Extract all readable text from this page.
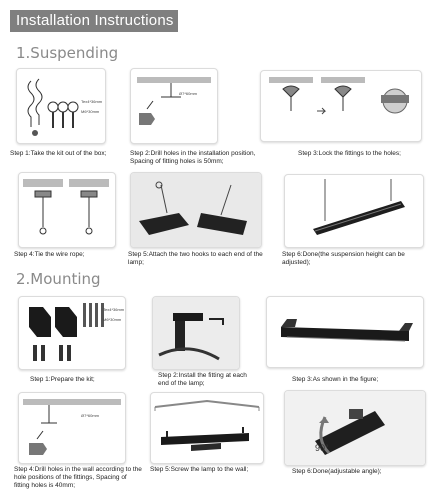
Installation Instructions
1.Suspending
Tex4*36mm
M6*30mm
Step 1:Take the kit out of the box;
Ø7*60mm
Step 2:Drill holes in the installation position, Spacing of fitting holes is 50mm;
Step 3:Lock the fittings to the holes;
Step 4:Tie the wire rope;	Step 5:Attach the two hooks to each end of the lamp;
Step 6:Done(the suspension height can be adjusted);
2.Mounting
Tex4*36mm
M6*30mm
Step 1:Prepare the kit;
Step 2:Install the fitting at each end of the lamp;
Step 3:As shown in the figure;
Ø7*60mm
Step 4:Drill holes in the wall according to the hole positions of the fittings, Spacing of fitting holes is 40mm;
Step 5:Screw the lamp to the wall;
90°
Step 6:Done(adjustable angle);
